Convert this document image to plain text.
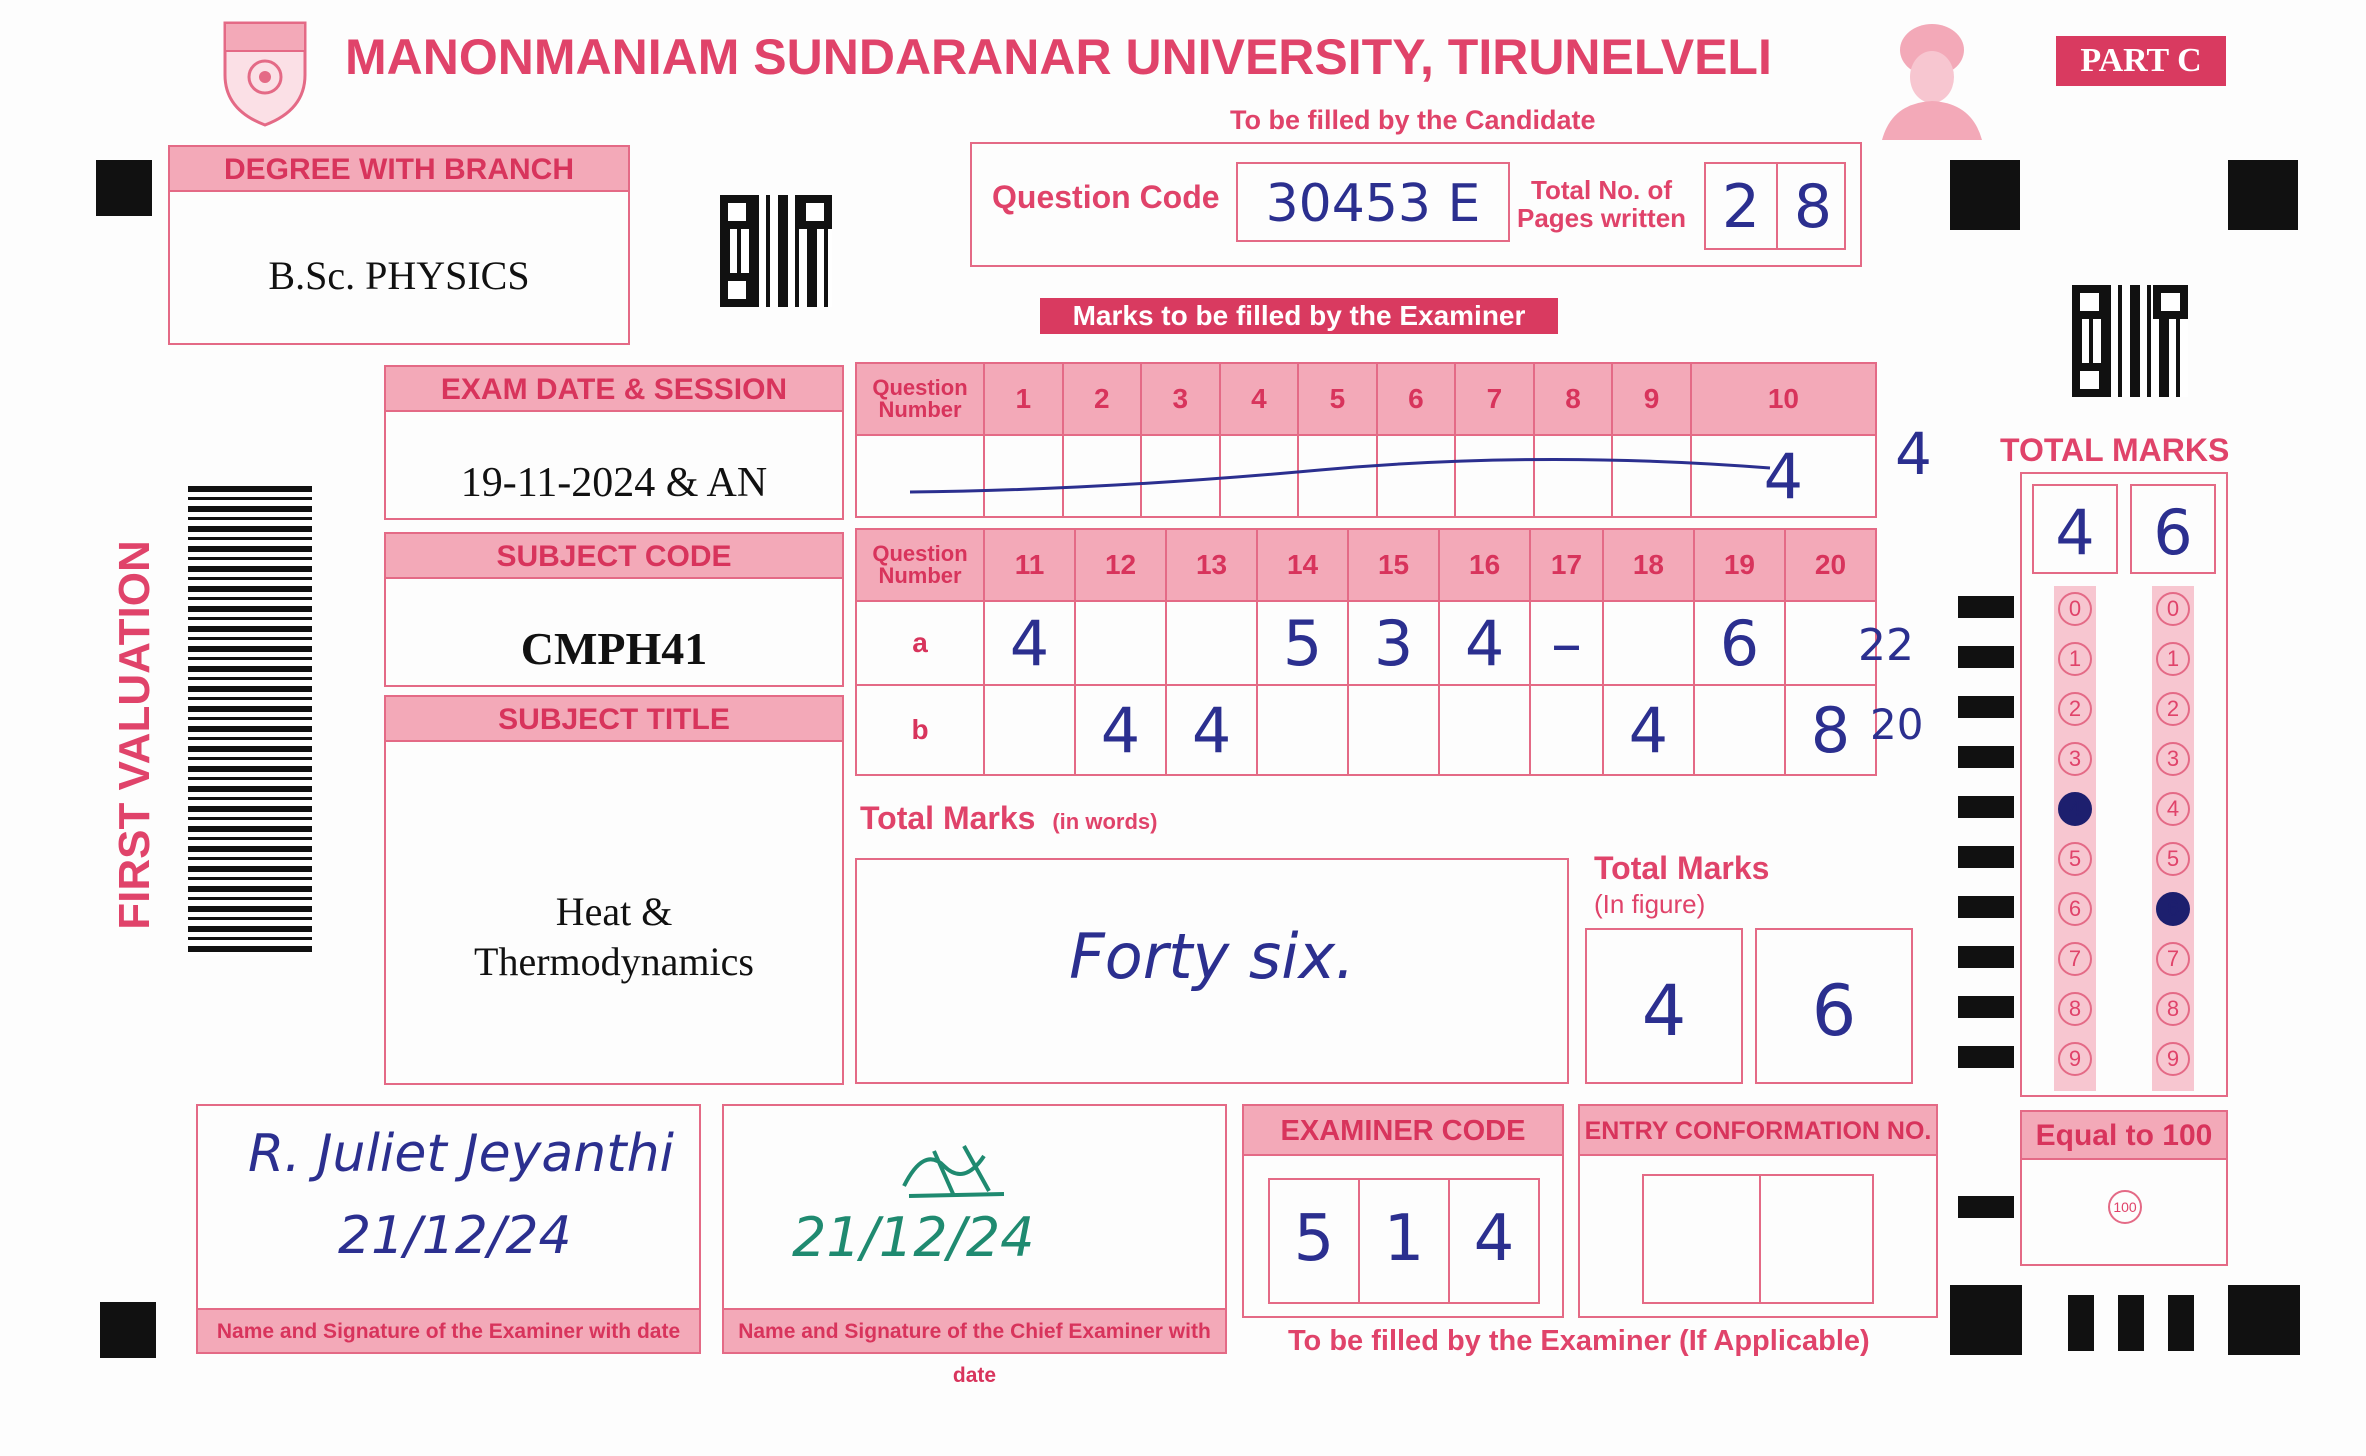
MANONMANIAM SUNDARANAR UNIVERSITY, TIRUNELVELI	PART C
To be filled by the Candidate
DEGREE WITH BRANCH
B.Sc. PHYSICS
Question Code 30453 E	Total No. of
Pages written 2 8
Marks to be filled by the Examiner
EXAM DATE & SESSION
19-11-2024 & AN
SUBJECT CODE
CMPH41
SUBJECT TITLE
Heat &
Thermodynamics
FIRST VALUATION
Question
Number	1	2	3	4	5	6	7	8	9	10
										4 4
Question
Number	11	12	13	14	15	16	17	18	19	20
a	4			5	3	4	–		6	
b		4	4					4		8
22
20
Total Marks (in words)
Forty six.
Total Marks
(In figure)
4	6
TOTAL MARKS
4 6
0
1
2
3
4
5
6
7
8
9
0
1
2
3
4
5
6
7
8
9
Equal to 100
100
R. Juliet Jeyanthi
21/12/24
Name and Signature of the Examiner with date
21/12/24
Name and Signature of the Chief Examiner with date
EXAMINER CODE
5 1 4
ENTRY CONFORMATION NO.
To be filled by the Examiner (If Applicable)
